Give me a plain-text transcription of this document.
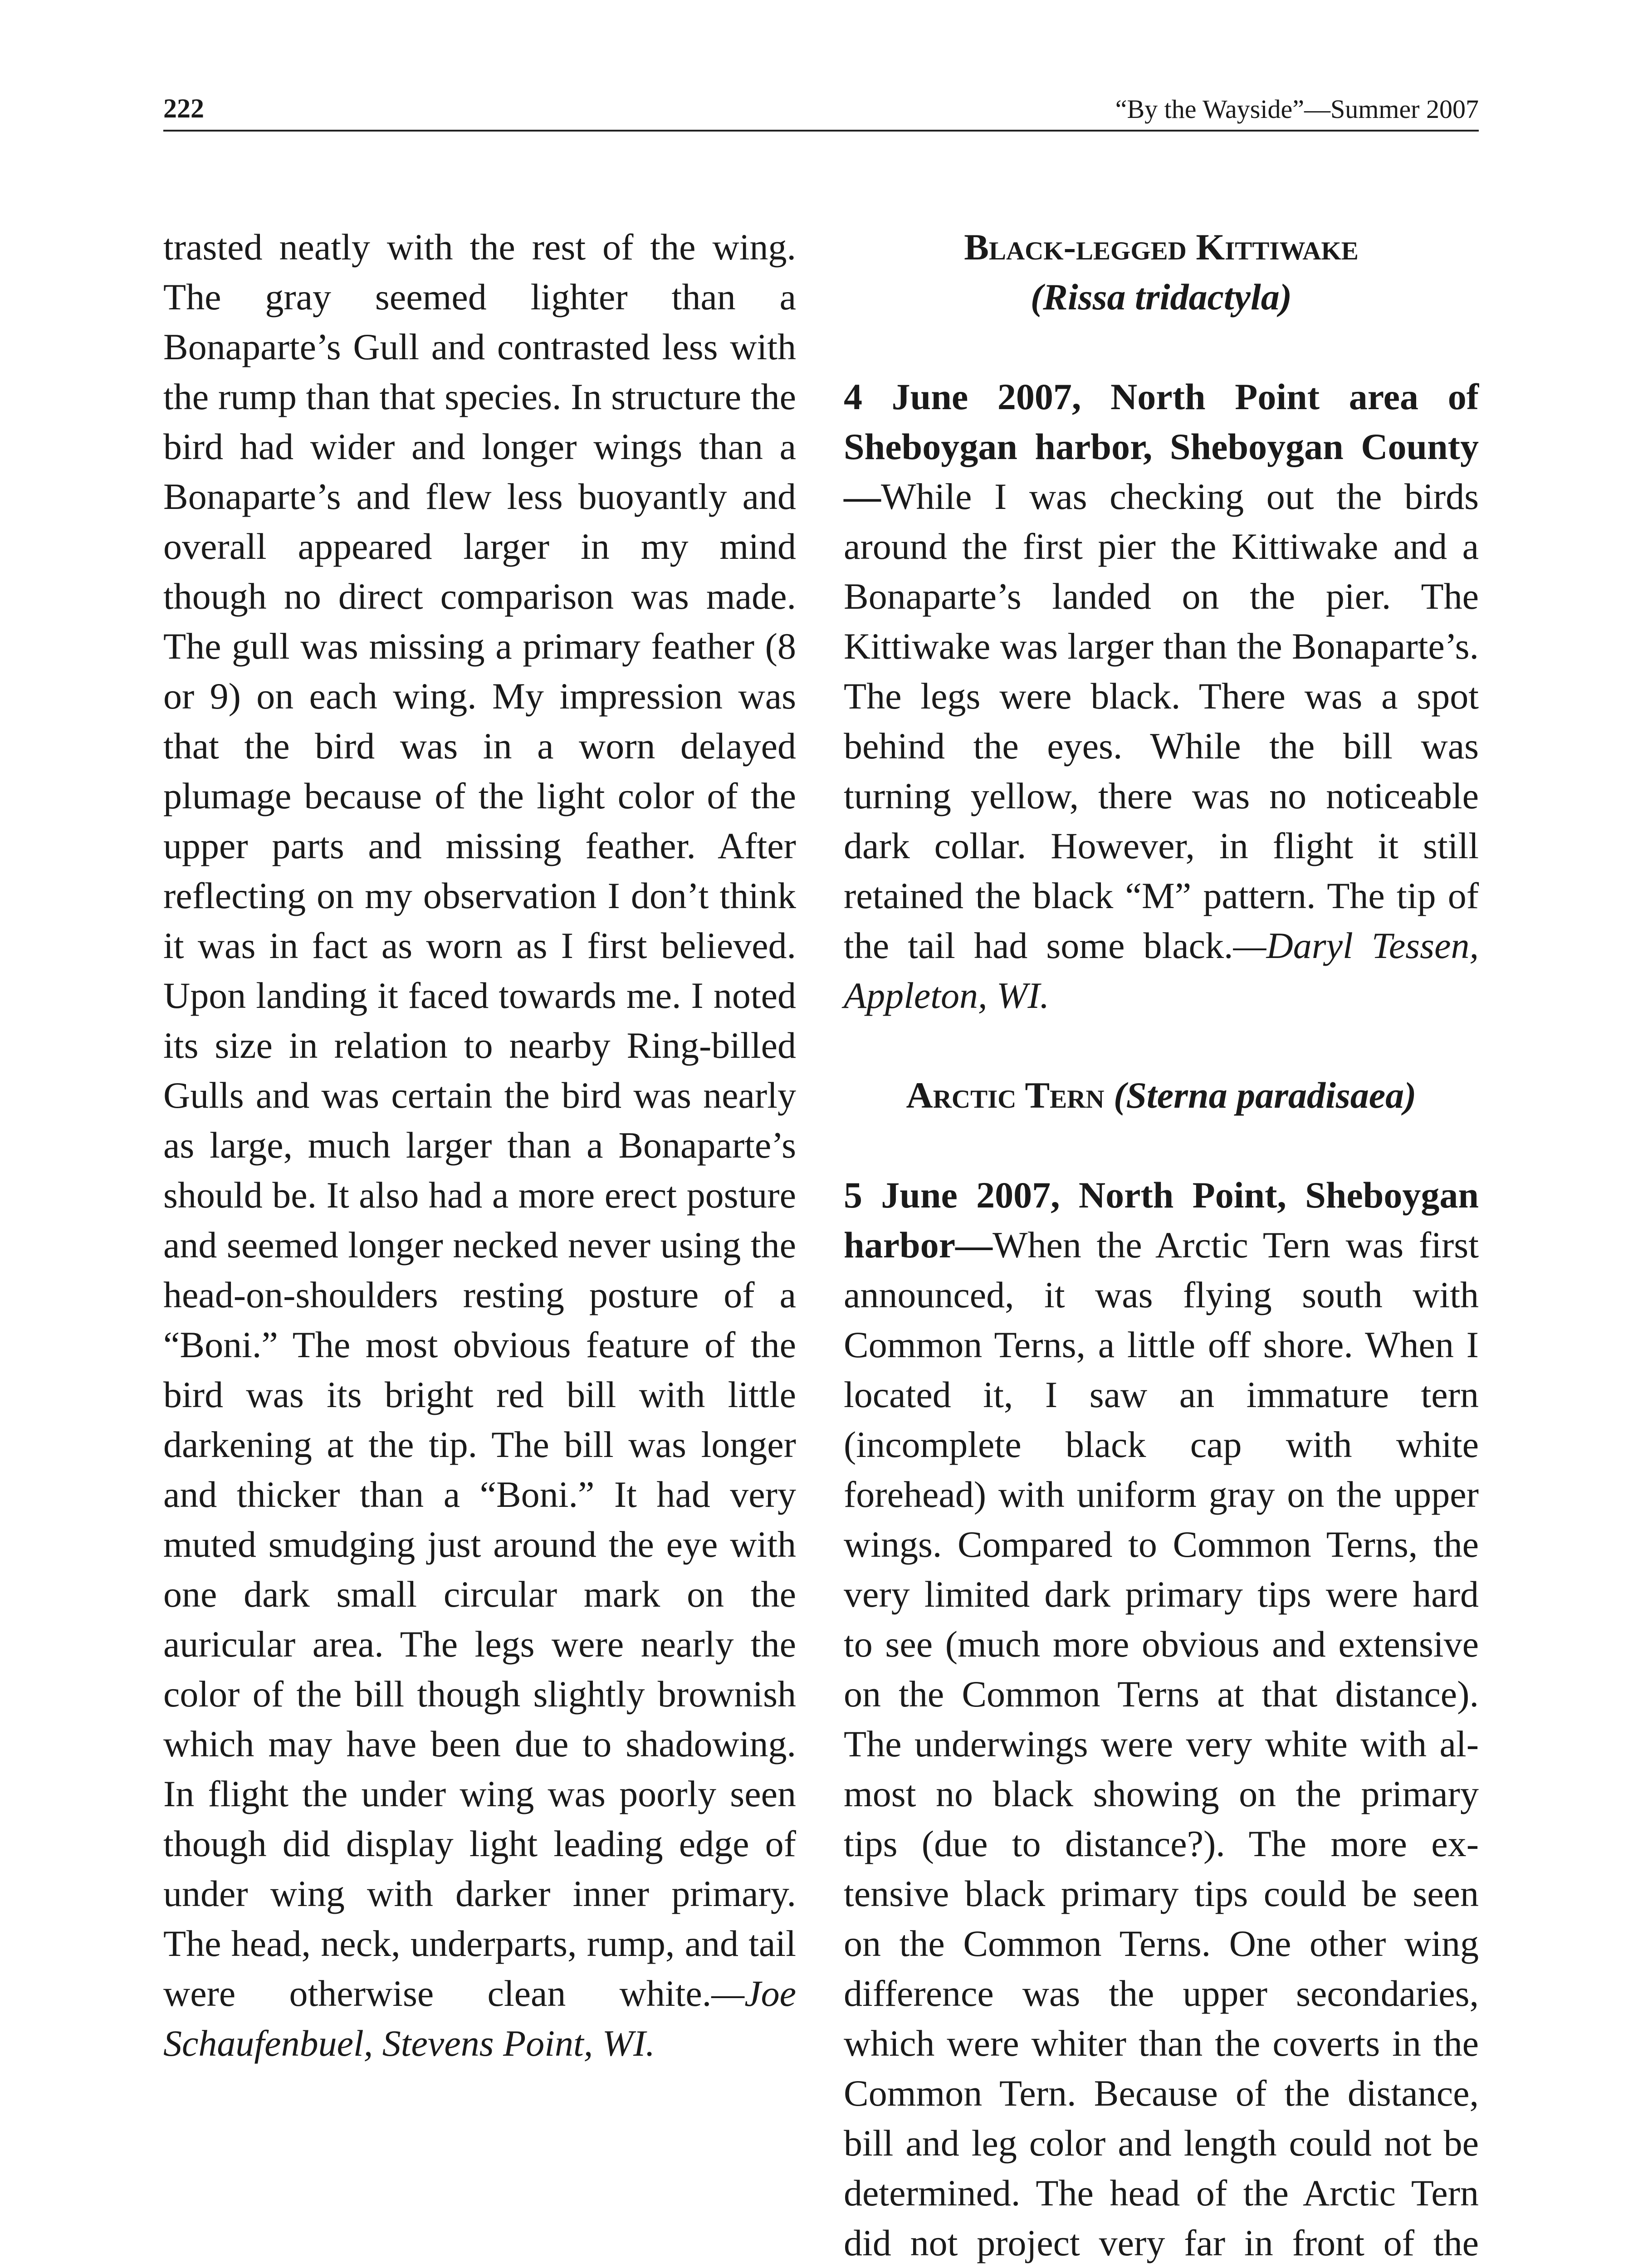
222	“By the Wayside”—Summer 2007

trasted neatly with the rest of the wing. The gray seemed lighter than a Bonaparte’s Gull and contrasted less with the rump than that species. In structure the bird had wider and longer wings than a Bonaparte’s and flew less buoyantly and overall appeared larger in my mind though no direct comparison was made. The gull was missing a primary feather (8 or 9) on each wing. My impression was that the bird was in a worn delayed plumage because of the light color of the upper parts and missing feather. After reflecting on my observation I don’t think it was in fact as worn as I first believed. Upon landing it faced towards me. I noted its size in relation to nearby Ring-billed Gulls and was certain the bird was nearly as large, much larger than a Bonaparte’s should be. It also had a more erect posture and seemed longer necked never using the head-on-shoulders resting posture of a “Boni.” The most obvious feature of the bird was its bright red bill with little darkening at the tip. The bill was longer and thicker than a “Boni.” It had very muted smudging just around the eye with one dark small circular mark on the auricular area. The legs were nearly the color of the bill though slightly brownish which may have been due to shadowing. In flight the under wing was poorly seen though did display light leading edge of under wing with darker inner primary. The head, neck, underparts, rump, and tail were otherwise clean white.—Joe Schaufenbuel, Stevens Point, WI.

Black-legged Kittiwake

(Rissa tridactyla)

4 June 2007, North Point area of Sheboygan harbor, Sheboygan County—While I was checking out the birds around the first pier the Kittiwake and a Bonaparte’s landed on the pier. The Kittiwake was larger than the Bonaparte’s. The legs were black. There was a spot behind the eyes. While the bill was turning yellow, there was no noticeable dark collar. However, in flight it still retained the black “M” pattern. The tip of the tail had some black.—Daryl Tessen, Appleton, WI.

Arctic Tern (Sterna paradisaea)

5 June 2007, North Point, Sheboygan harbor—When the Arctic Tern was first announced, it was flying south with Common Terns, a little off shore. When I located it, I saw an immature tern (incomplete black cap with white forehead) with uniform gray on the upper wings. Compared to Common Terns, the very limited dark primary tips were hard to see (much more obvious and extensive on the Common Terns at that distance). The underwings were very white with almost no black showing on the primary tips (due to distance?). The more extensive black primary tips could be seen on the Common Terns. One other wing difference was the upper secondaries, which were whiter than the coverts in the Common Tern. Because of the distance, bill and leg color and length could not be determined. The head of the Arctic Tern did not project very far in front of the
